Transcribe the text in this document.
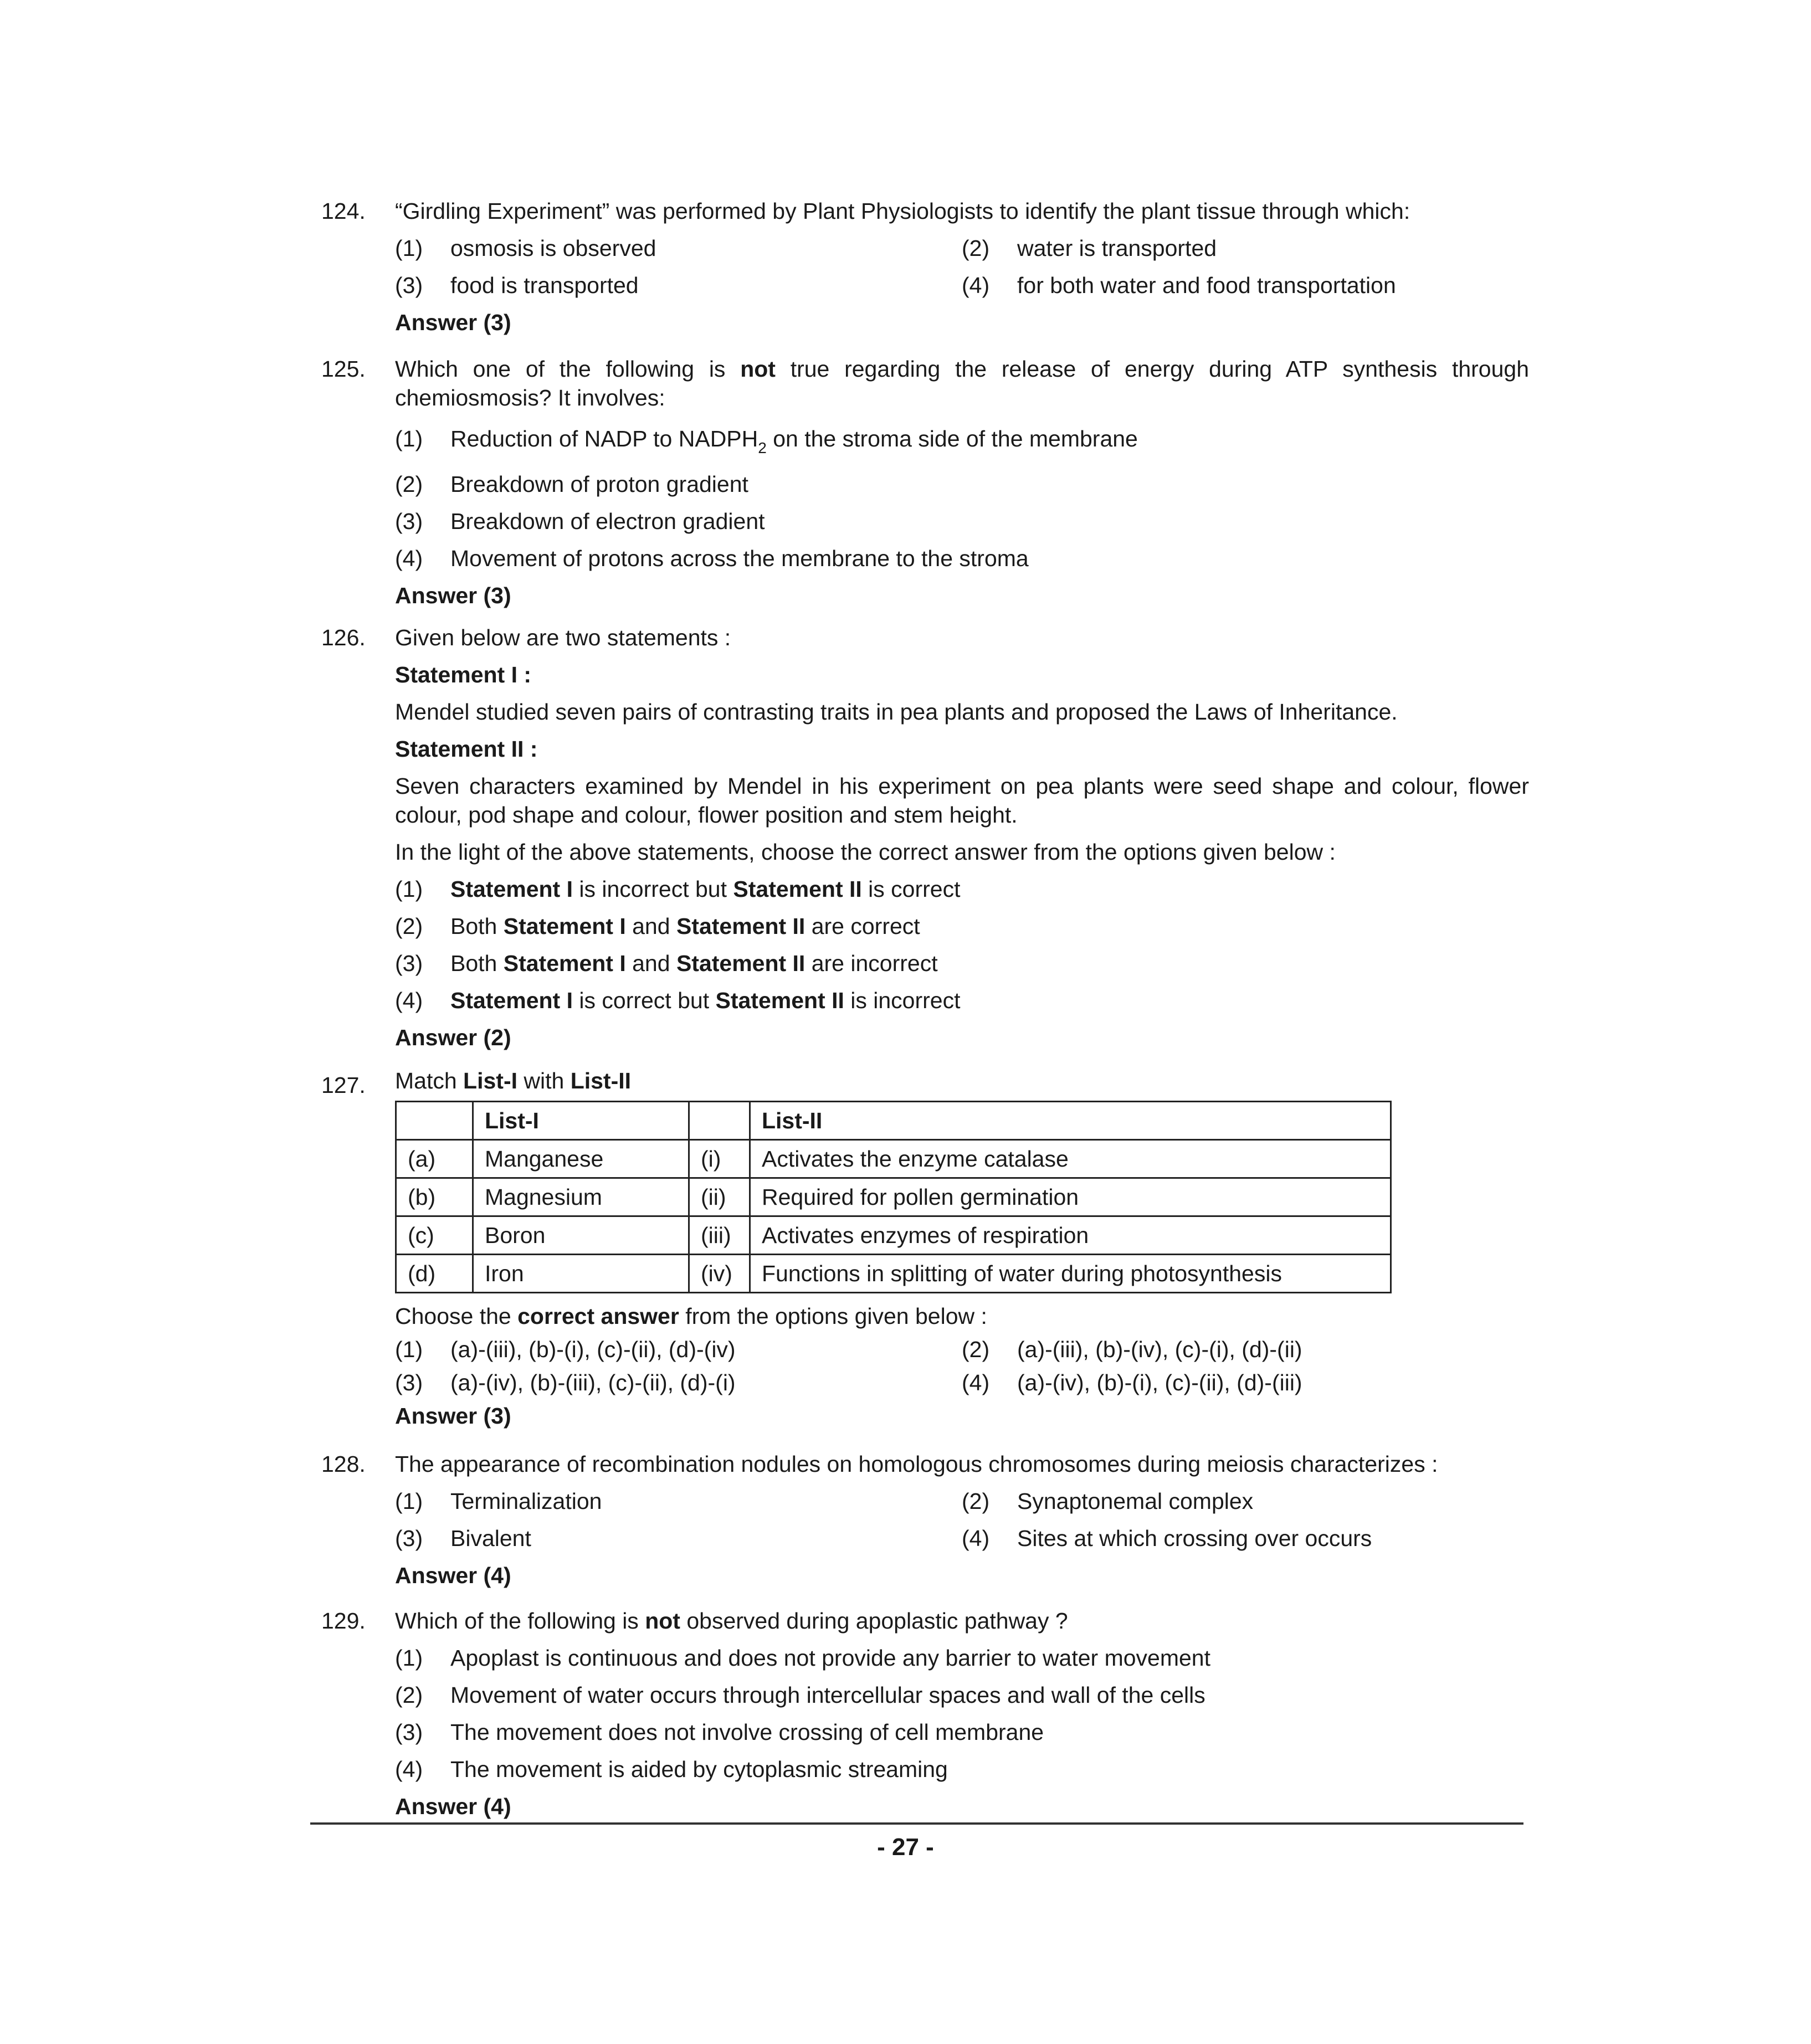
124. “Girdling Experiment” was performed by Plant Physiologists to identify the plant tissue through which:
(1) osmosis is observed	(2) water is transported
(3) food is transported	(4) for both water and food transportation
Answer (3)
125. Which one of the following is not true regarding the release of energy during ATP synthesis through chemiosmosis? It involves:
(1) Reduction of NADP to $NADPH_2$ on the stroma side of the membrane
(2) Breakdown of proton gradient
(3) Breakdown of electron gradient
(4) Movement of protons across the membrane to the stroma
Answer (3)
126. Given below are two statements :
Statement I :
Mendel studied seven pairs of contrasting traits in pea plants and proposed the Laws of Inheritance.
Statement II :
Seven characters examined by Mendel in his experiment on pea plants were seed shape and colour, flower colour, pod shape and colour, flower position and stem height.
In the light of the above statements, choose the correct answer from the options given below :
(1) Statement I is incorrect but Statement II is correct
(2) Both Statement I and Statement II are correct
(3) Both Statement I and Statement II are incorrect
(4) Statement I is correct but Statement II is incorrect
Answer (2)
127. Match List-I with List-II
	List-I		List-II
(a)	Manganese	(i)	Activates the enzyme catalase
(b)	Magnesium	(ii)	Required for pollen germination
(c)	Boron	(iii)	Activates enzymes of respiration
(d)	Iron	(iv)	Functions in splitting of water during photosynthesis
Choose the correct answer from the options given below :
(1) (a)-(iii), (b)-(i), (c)-(ii), (d)-(iv)	(2) (a)-(iii), (b)-(iv), (c)-(i), (d)-(ii)
(3) (a)-(iv), (b)-(iii), (c)-(ii), (d)-(i)	(4) (a)-(iv), (b)-(i), (c)-(ii), (d)-(iii)
Answer (3)
128. The appearance of recombination nodules on homologous chromosomes during meiosis characterizes :
(1) Terminalization	(2) Synaptonemal complex
(3) Bivalent	(4) Sites at which crossing over occurs
Answer (4)
129. Which of the following is not observed during apoplastic pathway ?
(1) Apoplast is continuous and does not provide any barrier to water movement
(2) Movement of water occurs through intercellular spaces and wall of the cells
(3) The movement does not involve crossing of cell membrane
(4) The movement is aided by cytoplasmic streaming
Answer (4)
- 27 -
